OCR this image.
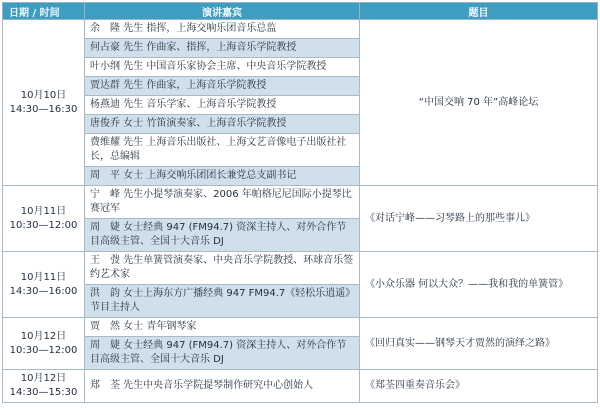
日期 / 时间	演讲嘉宾	题目

10月10日
14:30—16:30	余　隆 先生 指挥，上海交响乐团音乐总监	“中国交响 70 年”高峰论坛
	何占豪 先生 作曲家、指挥，上海音乐学院教授	
	叶小纲 先生 中国音乐家协会主席、中央音乐学院教授	
	贾达群 先生 作曲家，上海音乐学院教授	
	杨燕迪 先生 音乐学家、上海音乐学院教授	
	唐俊乔 女士 竹笛演奏家、上海音乐学院教授	
	费维耀 先生 上海音乐出版社、上海文艺音像电子出版社社长，总编辑	
	周　平 女士 上海交响乐团团长兼党总支副书记	

10月11日
10:30—12:00	宁　峰 先生小提琴演奏家、2006 年帕格尼尼国际小提琴比赛冠军	《对话宁峰——习琴路上的那些事儿》
	周　婕 女士经典 947 (FM94.7) 资深主持人、对外合作节目高级主管、全国十大音乐 DJ	

10月11日
14:30—16:00	王　弢 先生单簧管演奏家、中央音乐学院教授、环球音乐签约艺术家	《小众乐器 何以大众？——我和我的单簧管》
	洪　韵 女士上海东方广播经典 947 FM94.7《轻松乐逍遥》节目主持人	

10月12日
10:30—12:00	贾　然 女士 青年钢琴家	《回归真实——钢琴天才贾然的演绎之路》
	周　婕 女士经典 947 (FM94.7) 资深主持人、对外合作节目高级主管、全国十大音乐 DJ	

10月12日
14:30—15:30	郑　荃 先生中央音乐学院提琴制作研究中心创始人	《郑荃四重奏音乐会》
